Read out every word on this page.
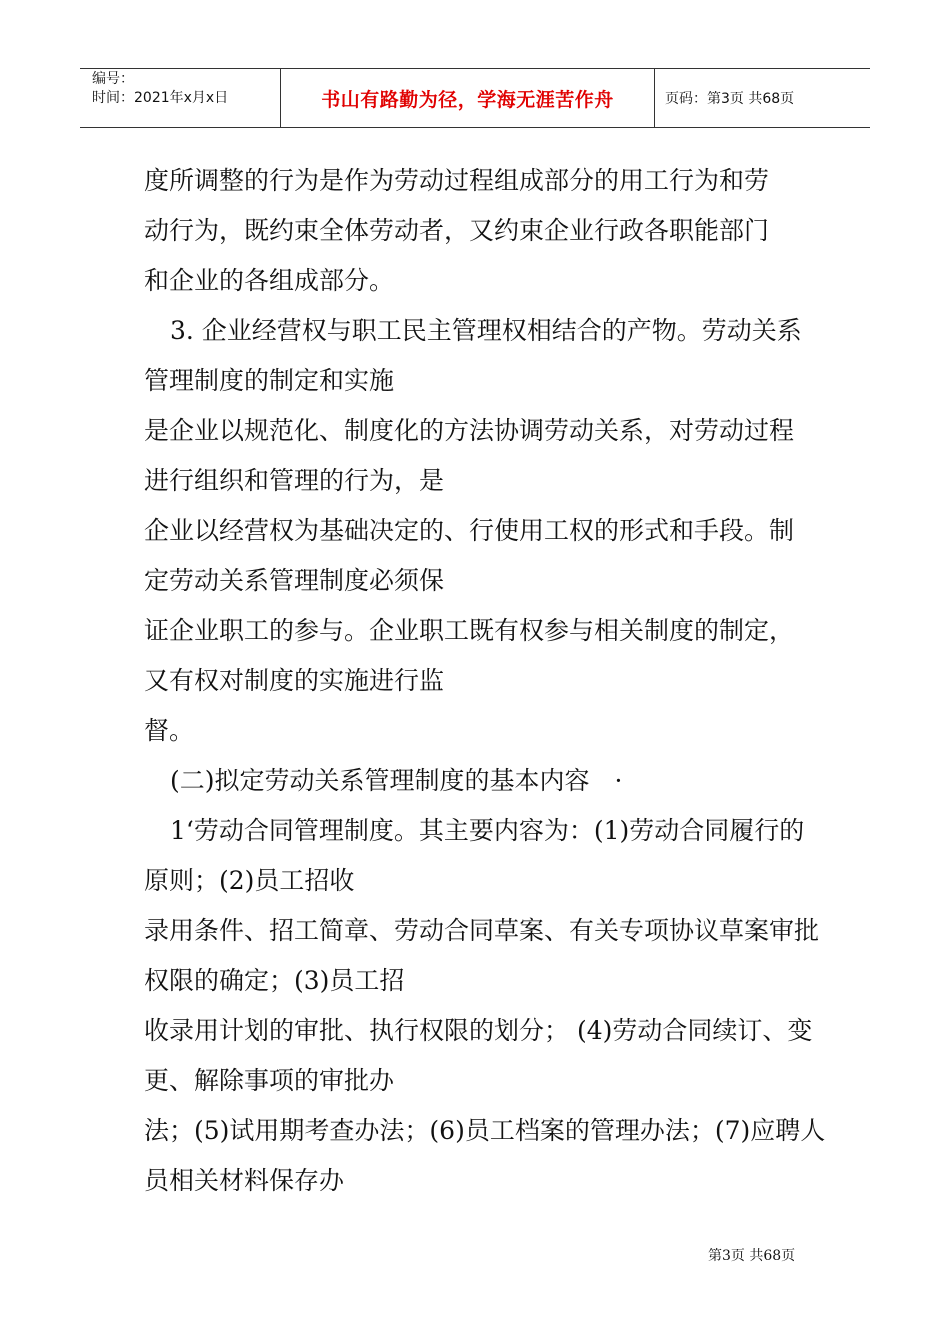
编号：
时间：2021年x月x日	书山有路勤为径，学海无涯苦作舟	页码：第3页 共68页
度所调整的行为是作为劳动过程组成部分的用工行为和劳
动行为，既约束全体劳动者，又约束企业行政各职能部门
和企业的各组成部分。
3. 企业经营权与职工民主管理权相结合的产物。劳动关系
管理制度的制定和实施
是企业以规范化、制度化的方法协调劳动关系，对劳动过程
进行组织和管理的行为，是
企业以经营权为基础决定的、行使用工权的形式和手段。制
定劳动关系管理制度必须保
证企业职工的参与。企业职工既有权参与相关制度的制定，
又有权对制度的实施进行监
督。
(二)拟定劳动关系管理制度的基本内容　·
1‘劳动合同管理制度。其主要内容为：(1)劳动合同履行的
原则；(2)员工招收
录用条件、招工简章、劳动合同草案、有关专项协议草案审批
权限的确定；(3)员工招
收录用计划的审批、执行权限的划分； (4)劳动合同续订、变
更、解除事项的审批办
法；(5)试用期考查办法；(6)员工档案的管理办法；(7)应聘人
员相关材料保存办
第3页 共68页
